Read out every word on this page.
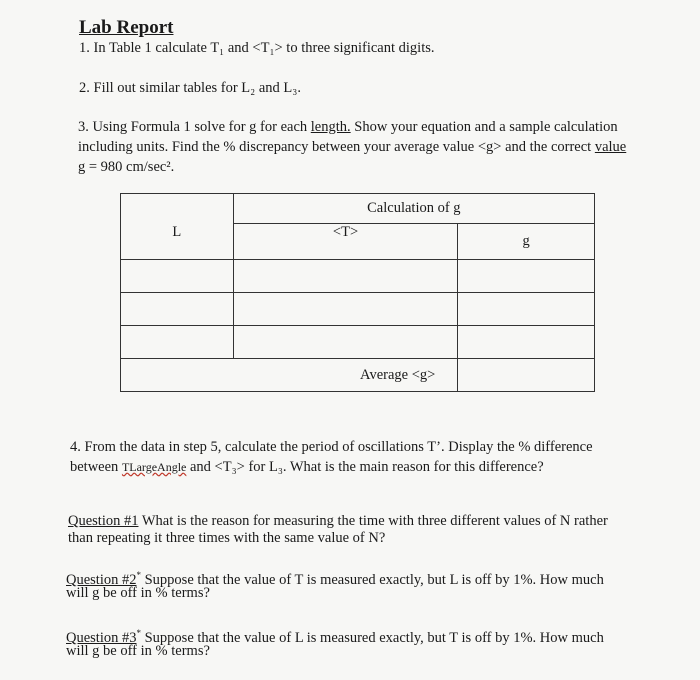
Lab Report
1. In Table 1 calculate T₁ and <T₁> to three significant digits.
2. Fill out similar tables for L₂ and L₃.
3. Using Formula 1 solve for g for each length. Show your equation and a sample calculation
including units. Find the % discrepancy between your average value <g> and the correct value
g = 980 cm/sec².
	Calculation of g	
L	<T>	g

	Average <g>	
4. From the data in step 5, calculate the period of oscillations T’. Display the % difference
between TLargeAngle and <T₃> for L₃. What is the main reason for this difference?
Question #1 What is the reason for measuring the time with three different values of N rather
than repeating it three times with the same value of N?
Question #2* Suppose that the value of T is measured exactly, but L is off by 1%. How much
will g be off in % terms?
Question #3* Suppose that the value of L is measured exactly, but T is off by 1%. How much
will g be off in % terms?
